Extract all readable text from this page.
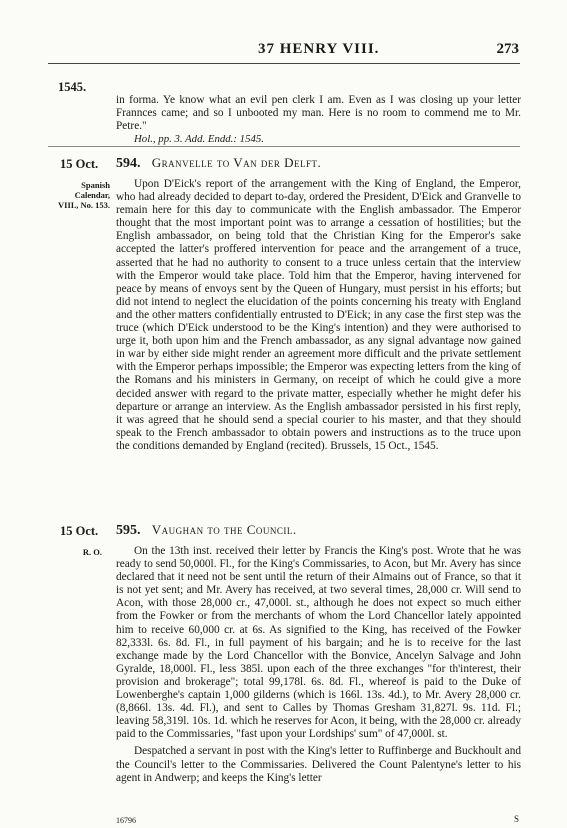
37 HENRY VIII.	273
1545.

in forma. Ye know what an evil pen clerk I am. Even as I was closing up your letter Frannces came; and so I unbooted my man. Here is no room to commend me to Mr. Petre."

Hol., pp. 3. Add. Endd.: 1545.

15 Oct. 594. Granvelle to Van der Delft.
Spanish Calendar, VIII., No. 153.

Upon D'Eick's report of the arrangement with the King of England, the Emperor, who had already decided to depart to-day, ordered the President, D'Eick and Granvelle to remain here for this day to communicate with the English ambassador. The Emperor thought that the most important point was to arrange a cessation of hostilities; but the English ambassador, on being told that the Christian King for the Emperor's sake accepted the latter's proffered intervention for peace and the arrangement of a truce, asserted that he had no authority to consent to a truce unless certain that the interview with the Emperor would take place. Told him that the Emperor, having intervened for peace by means of envoys sent by the Queen of Hungary, must persist in his efforts; but did not intend to neglect the elucidation of the points concerning his treaty with England and the other matters confidentially entrusted to D'Eick; in any case the first step was the truce (which D'Eick understood to be the King's intention) and they were authorised to urge it, both upon him and the French ambassador, as any signal advantage now gained in war by either side might render an agreement more difficult and the private settlement with the Emperor perhaps impossible; the Emperor was expecting letters from the king of the Romans and his ministers in Germany, on receipt of which he could give a more decided answer with regard to the private matter, especially whether he might defer his departure or arrange an interview. As the English ambassador persisted in his first reply, it was agreed that he should send a special courier to his master, and that they should speak to the French ambassador to obtain powers and instructions as to the truce upon the conditions demanded by England (recited). Brussels, 15 Oct., 1545.

15 Oct. 595. Vaughan to the Council.
R. O.	On the 13th inst. received their letter by Francis the King's post. Wrote that he was ready to send 50,000l. Fl., for the King's Commissaries, to Acon, but Mr. Avery has since declared that it need not be sent until the return of their Almains out of France, so that it is not yet sent; and Mr. Avery has received, at two several times, 28,000 cr. Will send to Acon, with those 28,000 cr., 47,000l. st., although he does not expect so much either from the Fowker or from the merchants of whom the Lord Chancellor lately appointed him to receive 60,000 cr. at 6s. As signified to the King, has received of the Fowker 82,333l. 6s. 8d. Fl., in full payment of his bargain; and he is to receive for the last exchange made by the Lord Chancellor with the Bonvice, Ancelyn Salvage and John Gyralde, 18,000l. Fl., less 385l. upon each of the three exchanges "for th'interest, their provision and brokerage"; total 99,178l. 6s. 8d. Fl., whereof is paid to the Duke of Lowenberghe's captain 1,000 gilderns (which is 166l. 13s. 4d.), to Mr. Avery 28,000 cr. (8,866l. 13s. 4d. Fl.), and sent to Calles by Thomas Gresham 31,827l. 9s. 11d. Fl.; leaving 58,319l. 10s. 1d. which he reserves for Acon, it being, with the 28,000 cr. already paid to the Commissaries, "fast upon your Lordships' sum" of 47,000l. st.

Despatched a servant in post with the King's letter to Ruffinberge and Buckhoult and the Council's letter to the Commissaries. Delivered the Count Palentyne's letter to his agent in Andwerp; and keeps the King's letter

16796	S
